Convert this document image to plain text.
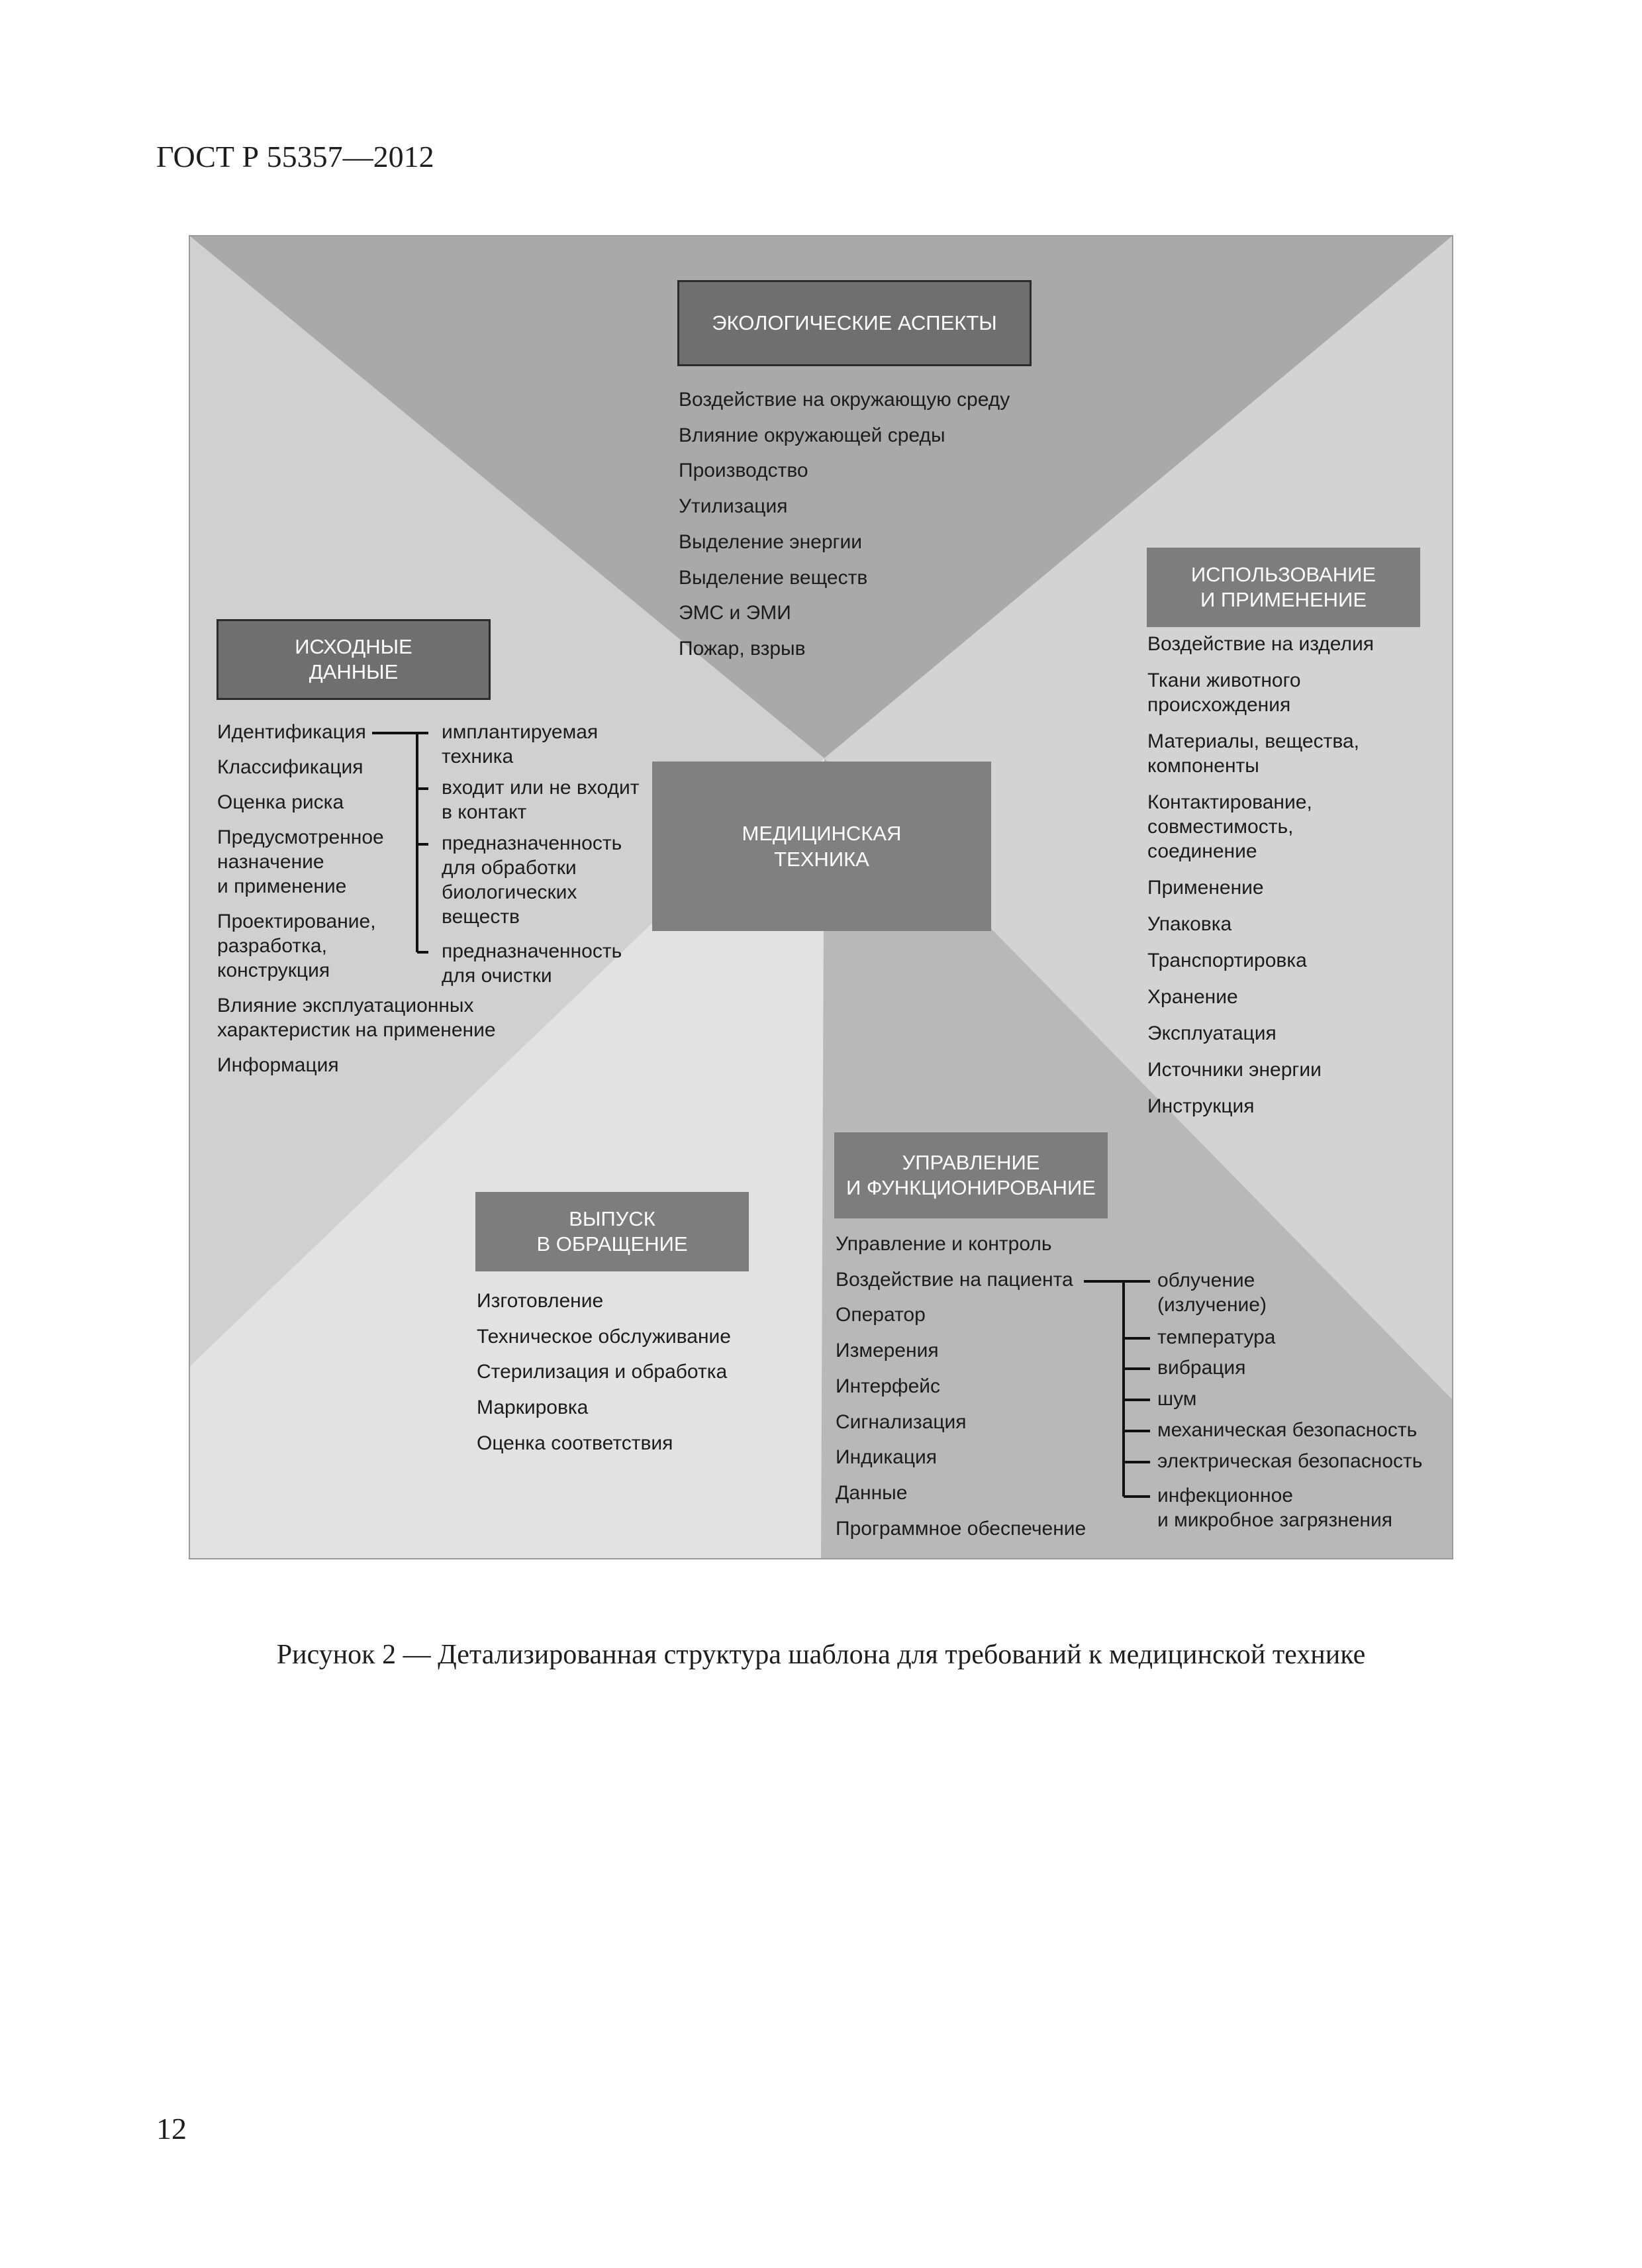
ГОСТ Р 55357—2012
ЭКОЛОГИЧЕСКИЕ АСПЕКТЫ
Воздействие на окружающую среду
Влияние окружающей среды
Производство
Утилизация
Выделение энергии
Выделение веществ
ЭМС и ЭМИ
Пожар, взрыв
ИСХОДНЫЕ
ДАННЫЕ
Идентификация
Классификация
Оценка риска
Предусмотренное
назначение
и применение
Проектирование,
разработка,
конструкция
Влияние эксплуатационных
характеристик на применение
Информация
имплантируемая
техника
входит или не входит
в контакт
предназначенность
для обработки
биологических
веществ
предназначенность
для очистки
МЕДИЦИНСКАЯ
ТЕХНИКА
ИСПОЛЬЗОВАНИЕ
И ПРИМЕНЕНИЕ
Воздействие на изделия
Ткани животного
происхождения
Материалы, вещества,
компоненты
Контактирование,
совместимость,
соединение
Применение
Упаковка
Транспортировка
Хранение
Эксплуатация
Источники энергии
Инструкция
ВЫПУСК
В ОБРАЩЕНИЕ
Изготовление
Техническое обслуживание
Стерилизация и обработка
Маркировка
Оценка соответствия
УПРАВЛЕНИЕ
И ФУНКЦИОНИРОВАНИЕ
Управление и контроль
Воздействие на пациента
Оператор
Измерения
Интерфейс
Сигнализация
Индикация
Данные
Программное обеспечение
облучение
(излучение)
температура
вибрация
шум
механическая безопасность
электрическая безопасность
инфекционное
и микробное загрязнения
Рисунок 2 — Детализированная структура шаблона для требований к медицинской технике
12
